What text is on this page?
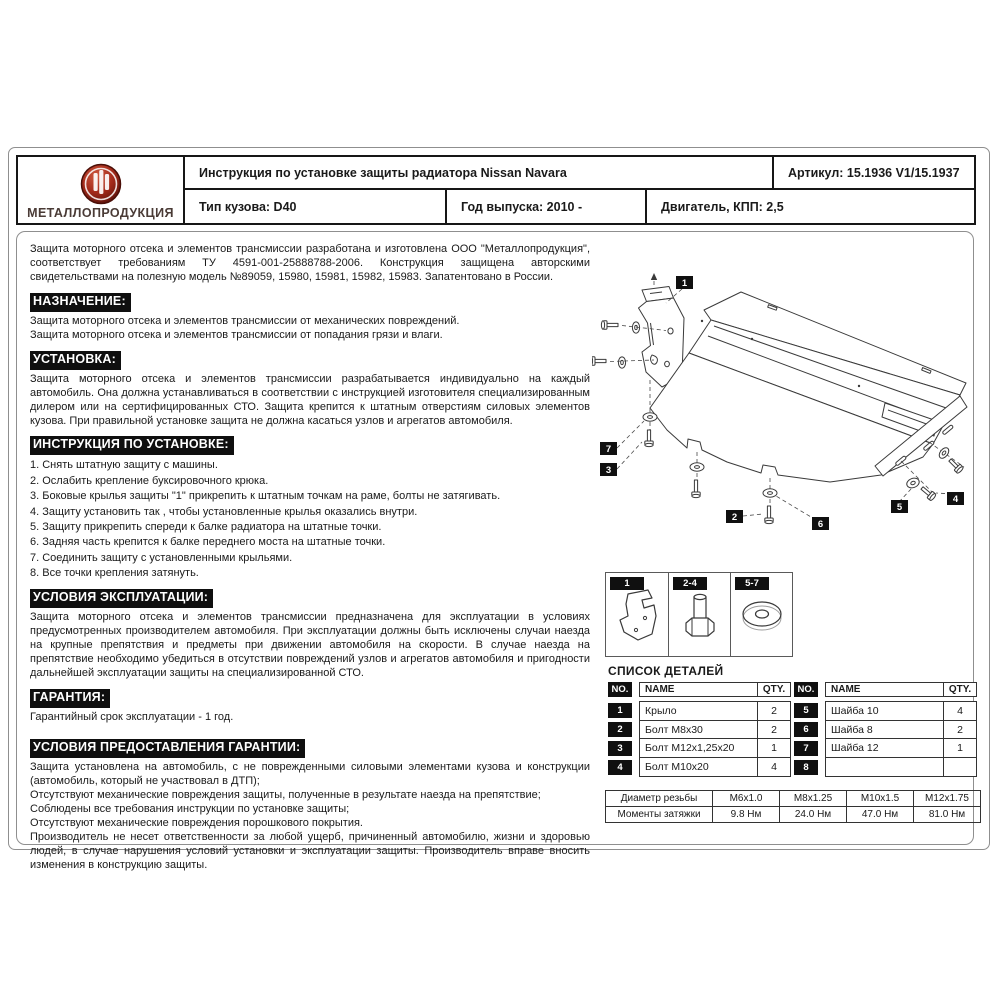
МЕТАЛЛОПРОДУКЦИЯ
Инструкция по установке защиты радиатора Nissan Navara	Артикул: 15.1936 V1/15.1937
Тип кузова: D40	Год выпуска: 2010 -	Двигатель, КПП: 2,5
Защита моторного отсека и элементов трансмиссии разработана и изготовлена ООО "Металлопродукция", соответствует требованиям ТУ 4591-001-25888788-2006. Конструкция защищена авторскими свидетельствами на полезную модель №89059, 15980, 15981, 15982, 15983. Запатентовано в России.
НАЗНАЧЕНИЕ:
Защита моторного отсека и элементов трансмиссии от механических повреждений.
Защита моторного отсека и элементов трансмиссии от попадания грязи и влаги.
УСТАНОВКА:
Защита моторного отсека и элементов трансмиссии разрабатывается индивидуально на каждый автомобиль. Она должна устанавливаться в соответствии с инструкцией изготовителя специализированным дилером или на сертифицированных СТО. Защита крепится к штатным отверстиям силовых элементов кузова. При правильной установке защита не должна касаться узлов и агрегатов автомобиля.
ИНСТРУКЦИЯ ПО УСТАНОВКЕ:
1. Снять штатную защиту с машины.
2. Ослабить крепление буксировочного крюка.
3. Боковые крылья защиты "1" прикрепить к штатным точкам на раме, болты не затягивать.
4. Защиту установить так , чтобы установленные крылья оказались внутри.
5. Защиту прикрепить спереди к балке радиатора на штатные точки.
6. Задняя часть крепится к балке переднего моста на штатные точки.
7. Соединить защиту с установленными крыльями.
8. Все точки крепления затянуть.
УСЛОВИЯ ЭКСПЛУАТАЦИИ:
Защита моторного отсека и элементов трансмиссии предназначена для эксплуатации в условиях предусмотренных производителем автомобиля. При эксплуатации должны быть исключены случаи наезда на крупные препятствия и предметы при движении автомобиля на скорости. В случае наезда на препятствие необходимо убедиться в отсутствии повреждений узлов и агрегатов автомобиля и пригодности дальнейшей эксплуатации защиты на специализированной СТО.
ГАРАНТИЯ:
Гарантийный срок эксплуатации - 1 год.
УСЛОВИЯ ПРЕДОСТАВЛЕНИЯ ГАРАНТИИ:
Защита установлена на автомобиль, с не поврежденными силовыми элементами кузова и конструкции (автомобиль, который не участвовал в ДТП);
Отсутствуют механические повреждения защиты, полученные в результате наезда на препятствие;
Соблюдены все требования инструкции по установке защиты;
Отсутствуют механические повреждения порошкового покрытия.
Производитель не несет ответственности за любой ущерб, причиненный автомобилю, жизни и здоровью людей, в случае нарушения условий установки и эксплуатации защиты. Производитель вправе вносить изменения в конструкцию защиты.
1
7
3
2
6
5
4
1	2-4	5-7
СПИСОК ДЕТАЛЕЙ
NO.	NAME	QTY.
1	Крыло	2
2	Болт М8х30	2
3	Болт М12х1,25х20	1
4	Болт М10х20	4
NO.	NAME	QTY.
5	Шайба 10	4
6	Шайба 8	2
7	Шайба 12	1
8
Диаметр резьбы	M6x1.0	M8x1.25	M10x1.5	M12x1.75
Моменты затяжки	9.8 Нм	24.0 Нм	47.0 Нм	81.0 Нм
